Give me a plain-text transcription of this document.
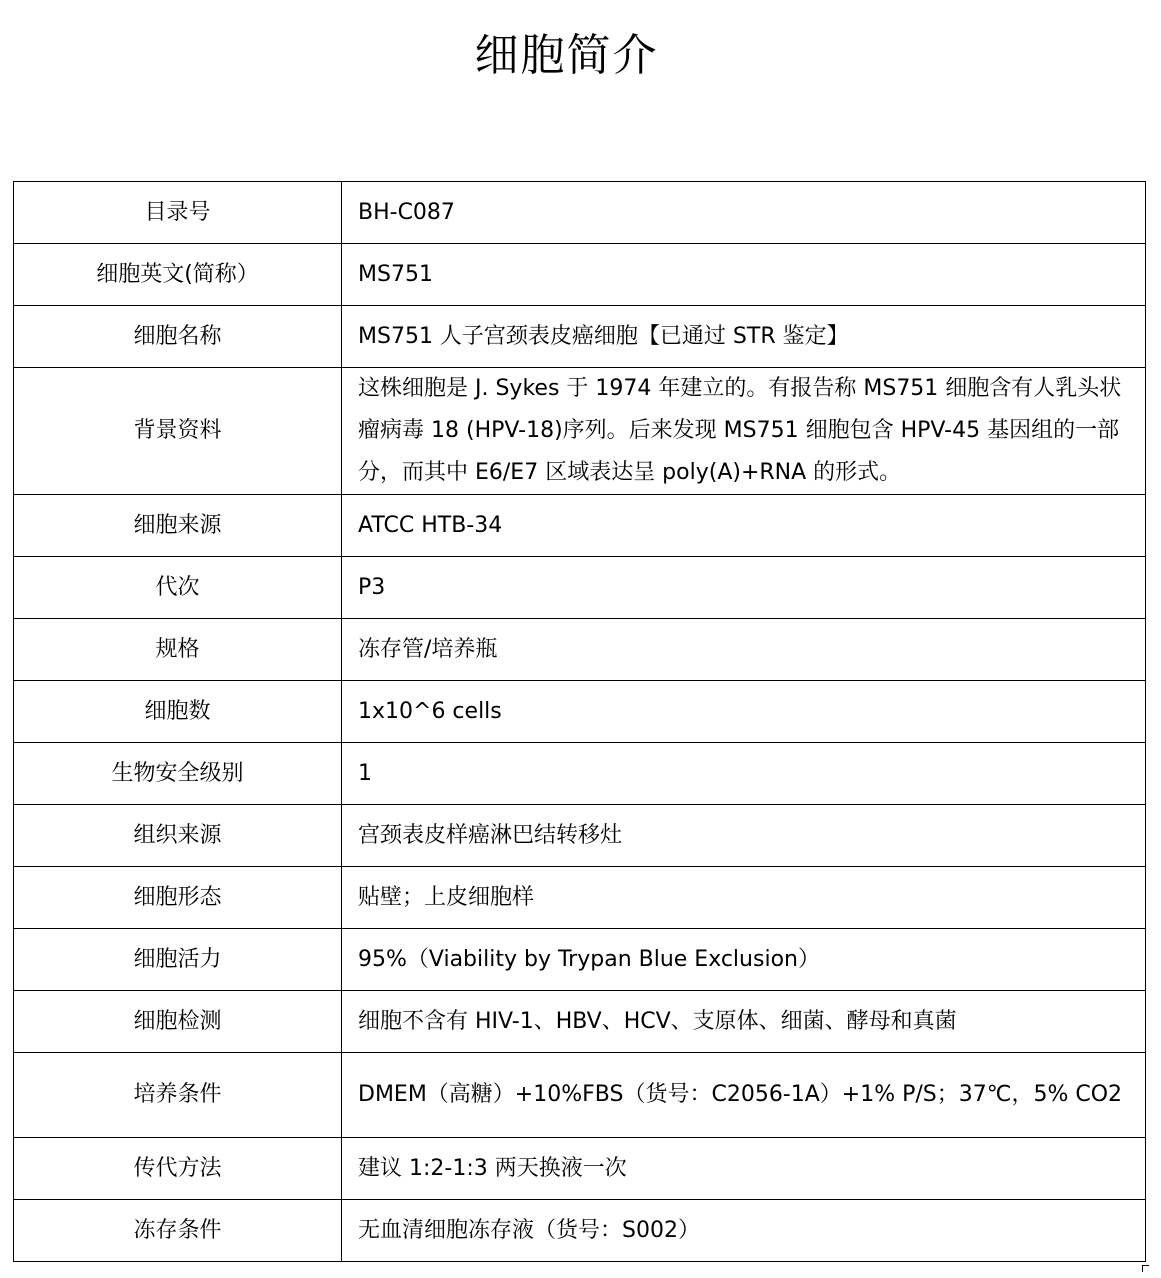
细胞简介
目录号	BH-C087
细胞英文(简称）	MS751
细胞名称	MS751 人子宫颈表皮癌细胞【已通过 STR 鉴定】
背景资料	这株细胞是 J. Sykes 于 1974 年建立的。有报告称 MS751 细胞含有人乳头状瘤病毒 18 (HPV-18)序列。后来发现 MS751 细胞包含 HPV-45 基因组的一部分，而其中 E6/E7 区域表达呈 poly(A)+RNA 的形式。
细胞来源	ATCC HTB-34
代次	P3
规格	冻存管/培养瓶
细胞数	1x10^6 cells
生物安全级别	1
组织来源	宫颈表皮样癌淋巴结转移灶
细胞形态	贴壁；上皮细胞样
细胞活力	95%（Viability by Trypan Blue Exclusion）
细胞检测	细胞不含有 HIV-1、HBV、HCV、支原体、细菌、酵母和真菌
培养条件	DMEM（高糖）+10%FBS（货号：C2056-1A）+1% P/S；37℃，5% CO2
传代方法	建议 1:2-1:3 两天换液一次
冻存条件	无血清细胞冻存液（货号：S002）
